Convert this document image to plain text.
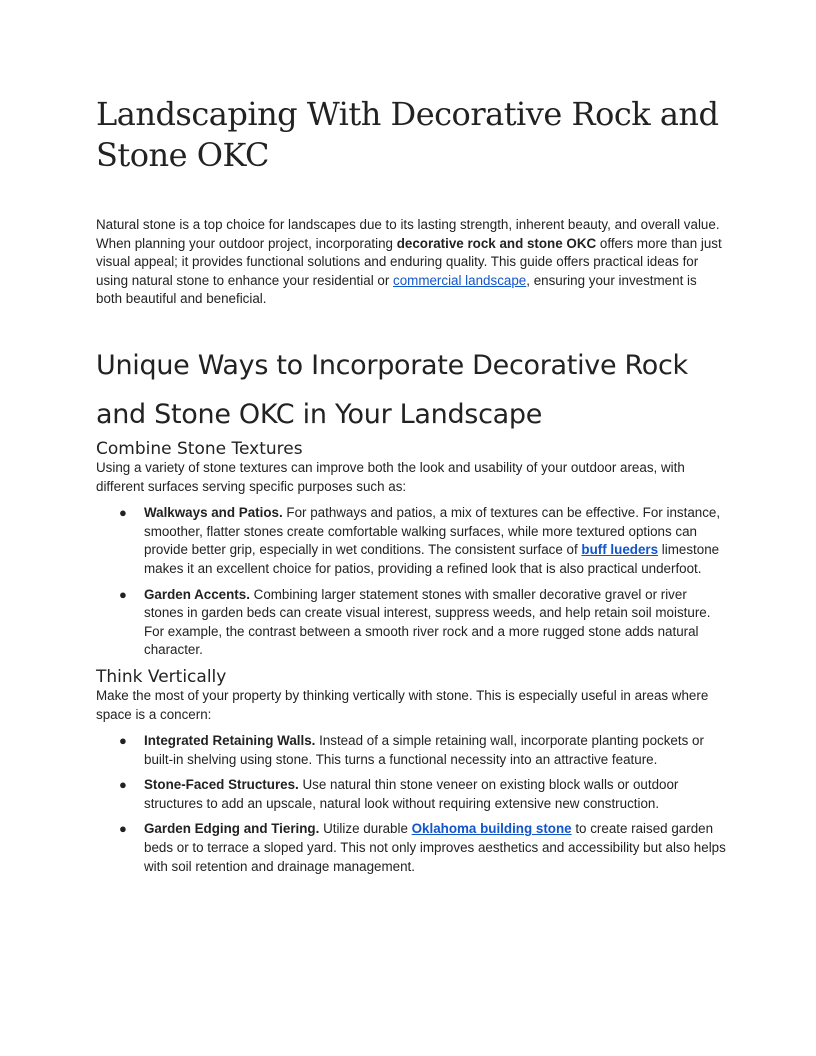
Landscaping With Decorative Rock and Stone OKC

Natural stone is a top choice for landscapes due to its lasting strength, inherent beauty, and overall value. When planning your outdoor project, incorporating decorative rock and stone OKC offers more than just visual appeal; it provides functional solutions and enduring quality. This guide offers practical ideas for using natural stone to enhance your residential or commercial landscape, ensuring your investment is both beautiful and beneficial.

Unique Ways to Incorporate Decorative Rock and Stone OKC in Your Landscape
Combine Stone Textures

Using a variety of stone textures can improve both the look and usability of your outdoor areas, with different surfaces serving specific purposes such as:

● Walkways and Patios. For pathways and patios, a mix of textures can be effective. For instance, smoother, flatter stones create comfortable walking surfaces, while more textured options can provide better grip, especially in wet conditions. The consistent surface of buff lueders limestone makes it an excellent choice for patios, providing a refined look that is also practical underfoot.
● Garden Accents. Combining larger statement stones with smaller decorative gravel or river stones in garden beds can create visual interest, suppress weeds, and help retain soil moisture. For example, the contrast between a smooth river rock and a more rugged stone adds natural character.
Think Vertically

Make the most of your property by thinking vertically with stone. This is especially useful in areas where space is a concern:

● Integrated Retaining Walls. Instead of a simple retaining wall, incorporate planting pockets or built-in shelving using stone. This turns a functional necessity into an attractive feature.
● Stone-Faced Structures. Use natural thin stone veneer on existing block walls or outdoor structures to add an upscale, natural look without requiring extensive new construction.
● Garden Edging and Tiering. Utilize durable Oklahoma building stone to create raised garden beds or to terrace a sloped yard. This not only improves aesthetics and accessibility but also helps with soil retention and drainage management.
